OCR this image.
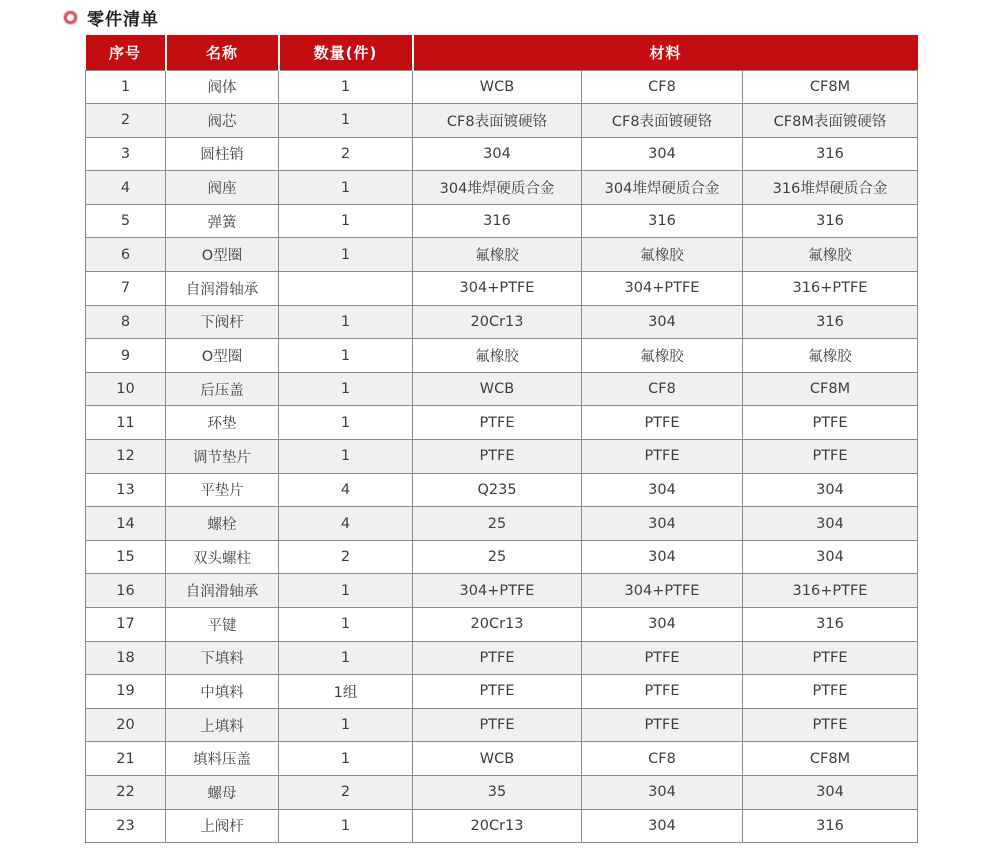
零件清单
序号	名称	数量(件)	材料		
1	阀体	1	WCB	CF8	CF8M
2	阀芯	1	CF8表面镀硬铬	CF8表面镀硬铬	CF8M表面镀硬铬
3	圆柱销	2	304	304	316
4	阀座	1	304堆焊硬质合金	304堆焊硬质合金	316堆焊硬质合金
5	弹簧	1	316	316	316
6	O型圈	1	氟橡胶	氟橡胶	氟橡胶
7	自润滑轴承		304+PTFE	304+PTFE	316+PTFE
8	下阀杆	1	20Cr13	304	316
9	O型圈	1	氟橡胶	氟橡胶	氟橡胶
10	后压盖	1	WCB	CF8	CF8M
11	环垫	1	PTFE	PTFE	PTFE
12	调节垫片	1	PTFE	PTFE	PTFE
13	平垫片	4	Q235	304	304
14	螺栓	4	25	304	304
15	双头螺柱	2	25	304	304
16	自润滑轴承	1	304+PTFE	304+PTFE	316+PTFE
17	平键	1	20Cr13	304	316
18	下填料	1	PTFE	PTFE	PTFE
19	中填料	1组	PTFE	PTFE	PTFE
20	上填料	1	PTFE	PTFE	PTFE
21	填料压盖	1	WCB	CF8	CF8M
22	螺母	2	35	304	304
23	上阀杆	1	20Cr13	304	316
